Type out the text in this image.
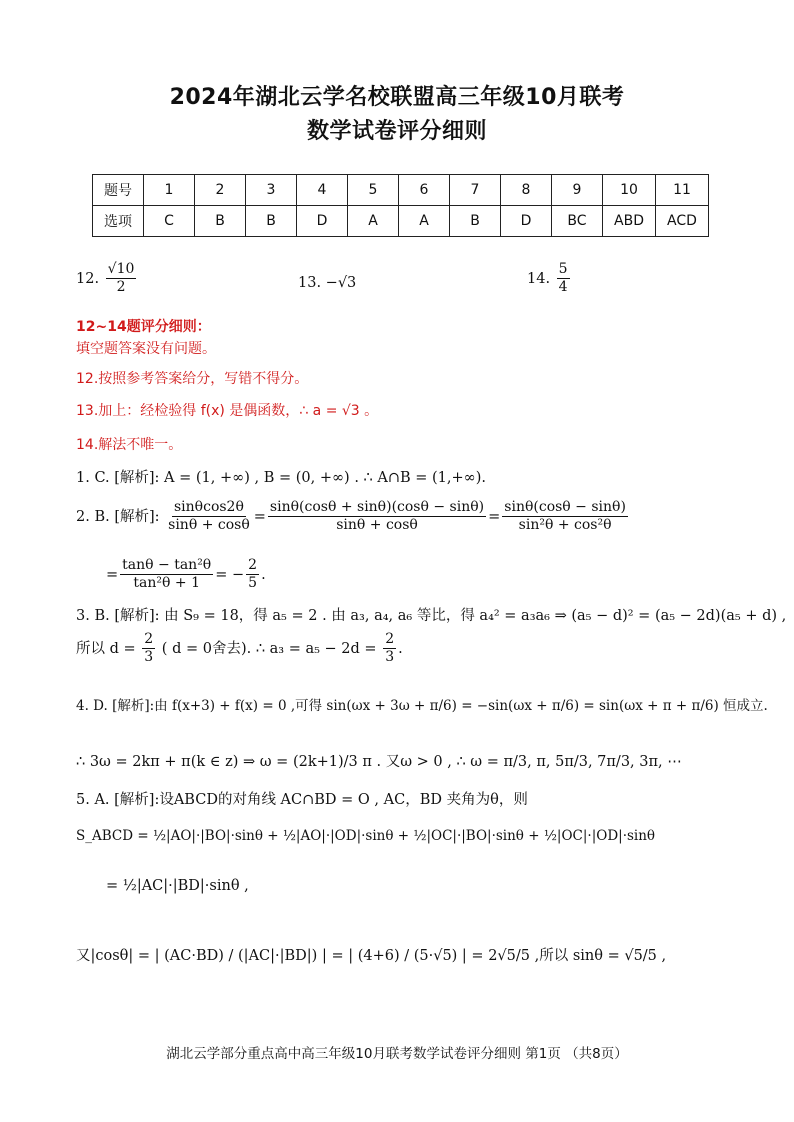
2024年湖北云学名校联盟高三年级10月联考
数学试卷评分细则
题号	1	2	3	4	5	6	7	8	9	10	11
选项	C	B	B	D	A	A	B	D	BC	ABD	ACD
12. $\frac{√10}{2}$	13. −√3	14. $\frac{5}{4}$
12~14题评分细则：
填空题答案没有问题。
12.按照参考答案给分，写错不得分。
13.加上：经检验得 f(x) 是偶函数，∴ a = √3 。
14.解法不唯一。
1. C. [解析]: A = (1, +∞) , B = (0, +∞) . ∴ A∩B = (1,+∞).
2. B. [解析]: $\frac{\sin\theta\cos 2\theta}{\sin\theta + \cos\theta} = \frac{\sin\theta(\cos\theta + \sin\theta)(\cos\theta - \sin\theta)}{\sin\theta + \cos\theta} = \frac{\sin\theta(\cos\theta - \sin\theta)}{\text{sin²θ + cos²θ}}$
= $\frac{\text{tanθ − tan²θ}}{\text{tan²θ + 1}}$ = − $\frac{2}{5}$ .
3. B. [解析]: 由 S₉ = 18，得 a₅ = 2 . 由 a₃, a₄, a₆ 等比，得 a₄² = a₃a₆ ⇒ (a₅ − d)² = (a₅ − 2d)(a₅ + d) ,
所以 $d = \frac{2}{3}$ ( d = 0舍去). ∴ $a_3 = a_5 - 2d = \frac{2}{3}$ .
4. D. [解析]:由 f(x+3) + f(x) = 0 ,可得 sin(ωx + 3ω + π/6) = −sin(ωx + π/6) = sin(ωx + π + π/6) 恒成立.
∴ 3ω = 2kπ + π(k ∈ z) ⇒ ω = (2k+1)/3 π . 又ω > 0 , ∴ ω = π/3, π, 5π/3, 7π/3, 3π, ⋯
5. A. [解析]:设ABCD的对角线 AC∩BD = O , AC，BD 夹角为θ，则
S_ABCD = ½|AO|·|BO|·sinθ + ½|AO|·|OD|·sinθ + ½|OC|·|BO|·sinθ + ½|OC|·|OD|·sinθ
= ½|AC|·|BD|·sinθ ,
又|cosθ| = | (AC·BD) / (|AC|·|BD|) | = | (4+6) / (5·√5) | = 2√5/5 ,所以 sinθ = √5/5 ,
湖北云学部分重点高中高三年级10月联考数学试卷评分细则 第1页 （共8页）
